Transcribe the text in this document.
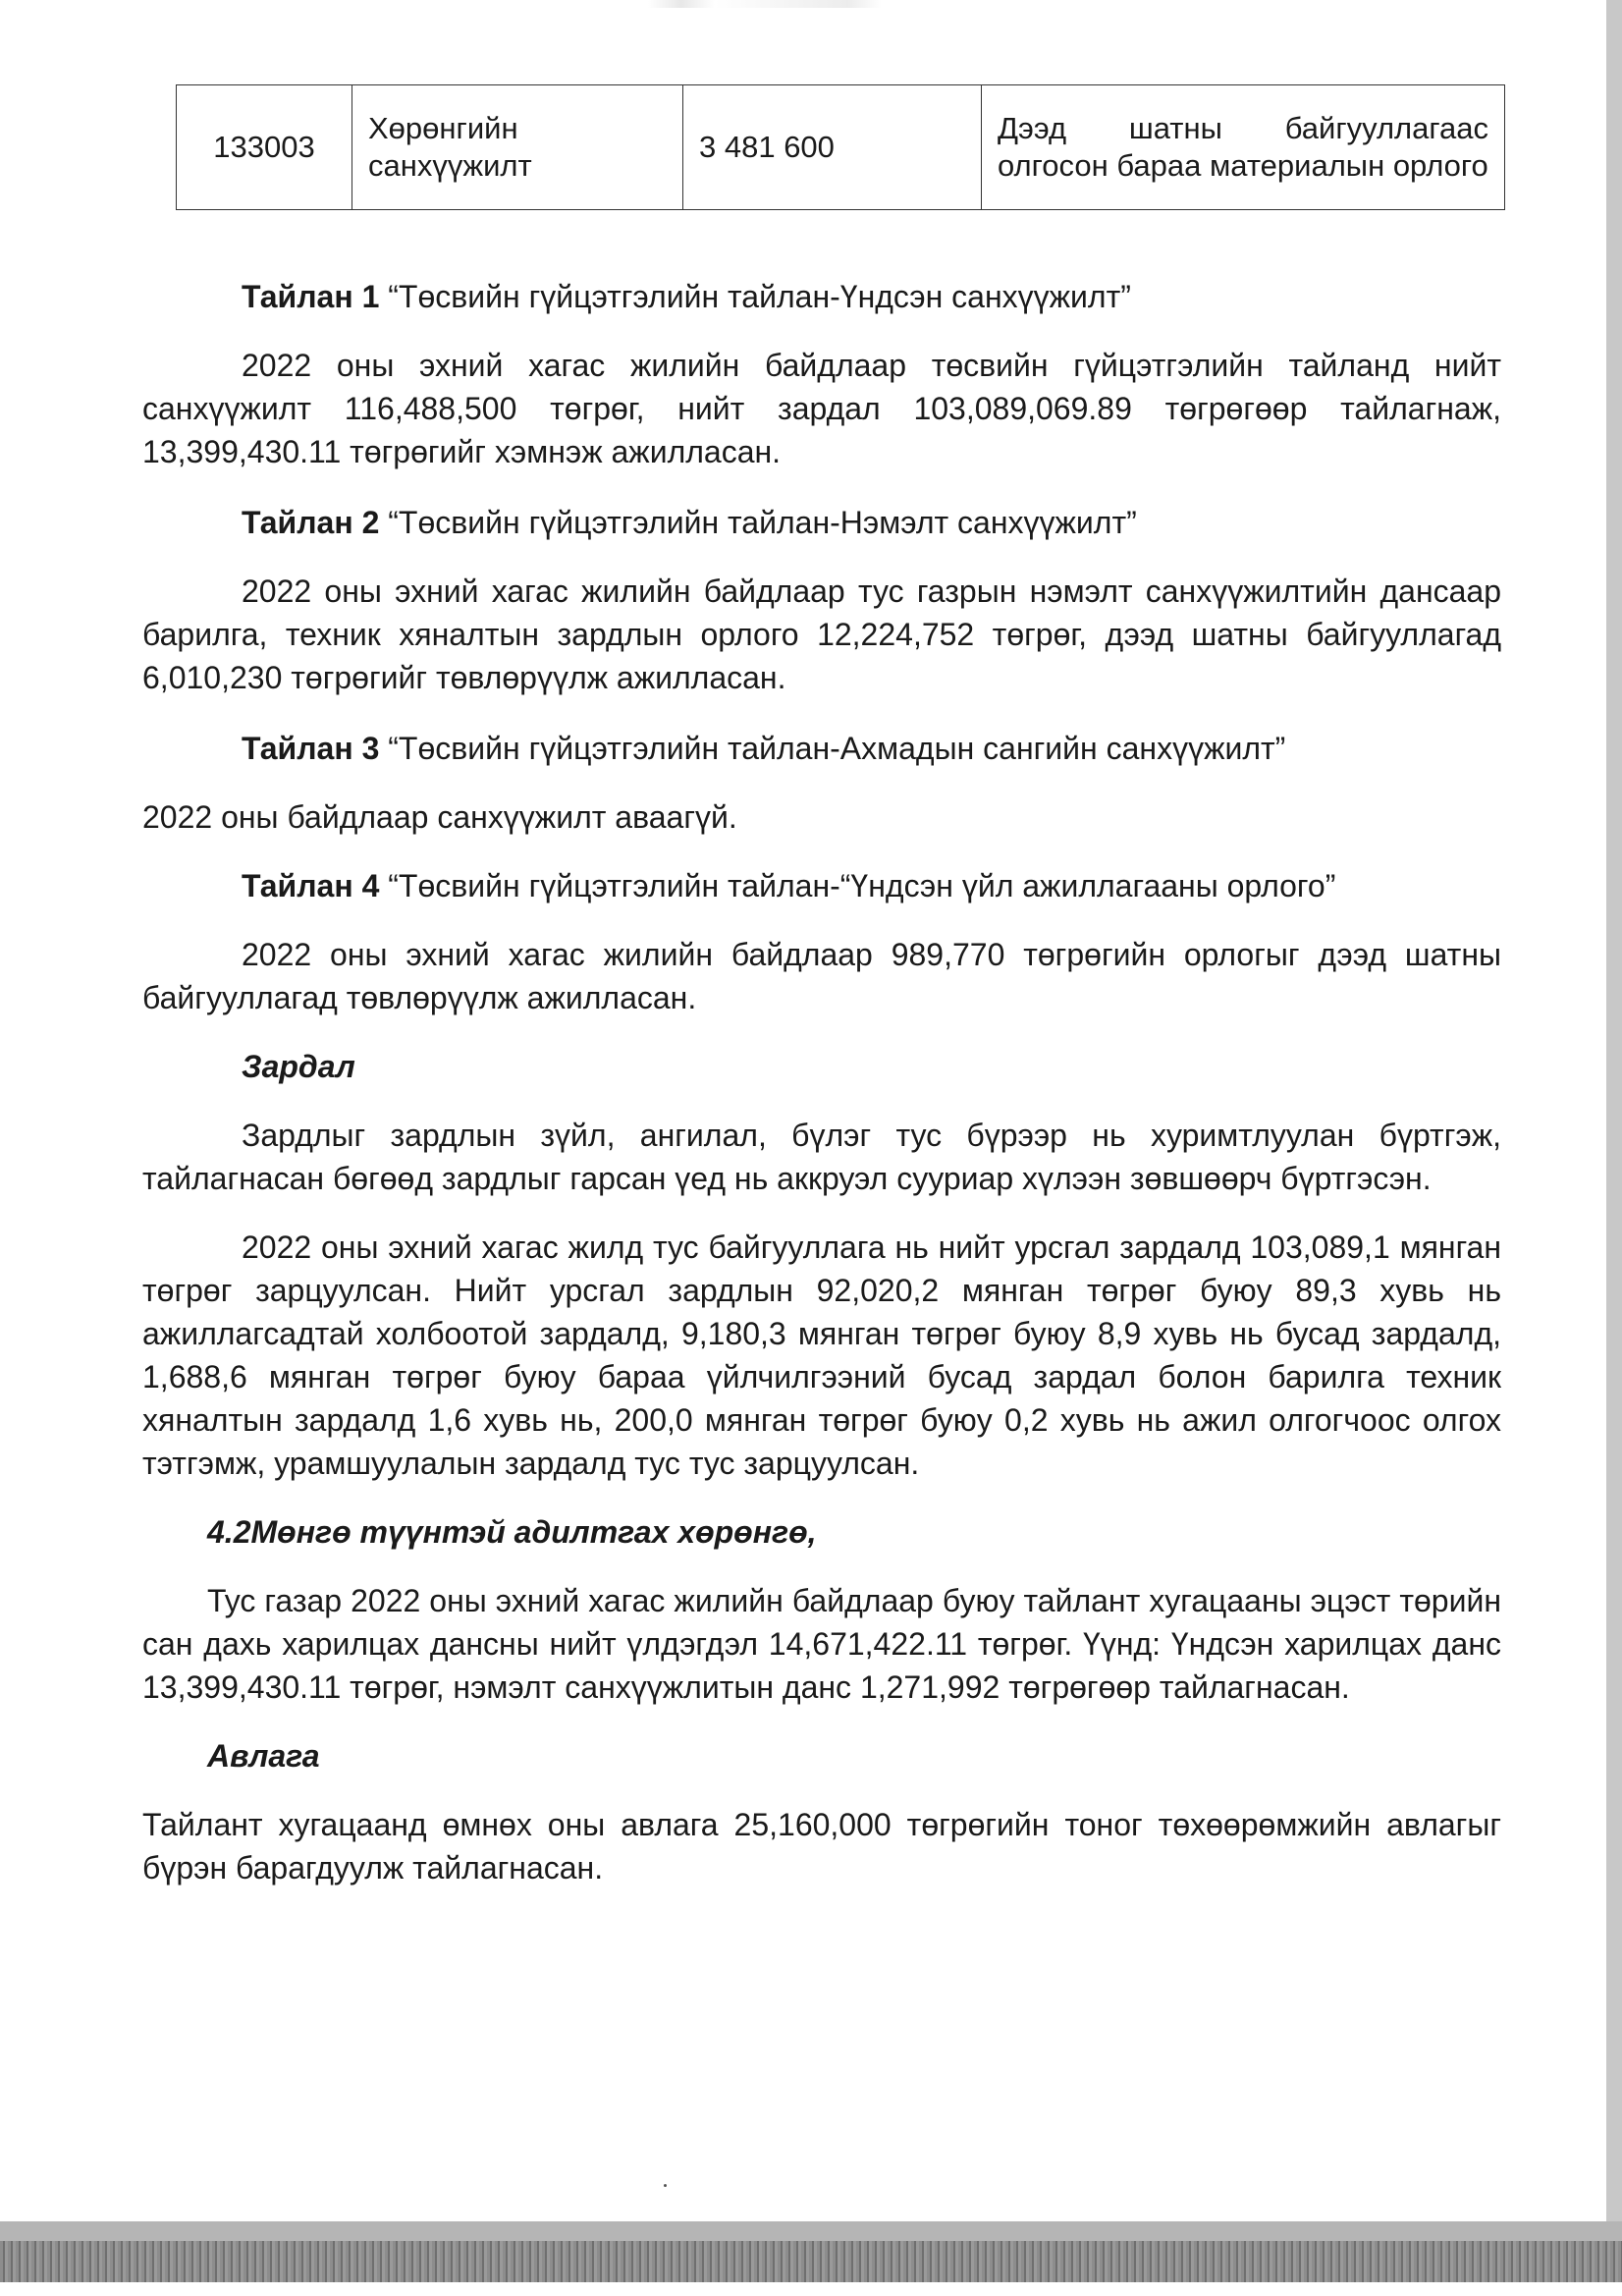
133003	Хөрөнгийн санхүүжилт	3 481 600	Дээд шатны байгууллагаас олгосон бараа материалын орлого

Тайлан 1 “Төсвийн гүйцэтгэлийн тайлан-Үндсэн санхүүжилт”

2022 оны эхний хагас жилийн байдлаар төсвийн гүйцэтгэлийн тайланд нийт санхүүжилт 116,488,500 төгрөг, нийт зардал 103,089,069.89 төгрөгөөр тайлагнаж, 13,399,430.11 төгрөгийг хэмнэж ажилласан.

Тайлан 2 “Төсвийн гүйцэтгэлийн тайлан-Нэмэлт санхүүжилт”

2022 оны эхний хагас жилийн байдлаар тус газрын нэмэлт санхүүжилтийн дансаар барилга, техник хяналтын зардлын орлого 12,224,752 төгрөг, дээд шатны байгууллагад 6,010,230 төгрөгийг төвлөрүүлж ажилласан.

Тайлан 3 “Төсвийн гүйцэтгэлийн тайлан-Ахмадын сангийн санхүүжилт”

2022 оны байдлаар санхүүжилт аваагүй.

Тайлан 4 “Төсвийн гүйцэтгэлийн тайлан-“Үндсэн үйл ажиллагааны орлого”

2022 оны эхний хагас жилийн байдлаар 989,770 төгрөгийн орлогыг дээд шатны байгууллагад төвлөрүүлж ажилласан.

Зардал

Зардлыг зардлын зүйл, ангилал, бүлэг тус бүрээр нь хуримтлуулан бүртгэж, тайлагнасан бөгөөд зардлыг гарсан үед нь аккруэл сууриар хүлээн зөвшөөрч бүртгэсэн.

2022 оны эхний хагас жилд тус байгууллага нь нийт урсгал зардалд 103,089,1 мянган төгрөг зарцуулсан. Нийт урсгал зардлын 92,020,2 мянган төгрөг буюу 89,3 хувь нь ажиллагсадтай холбоотой зардалд, 9,180,3 мянган төгрөг буюу 8,9 хувь нь бусад зардалд, 1,688,6 мянган төгрөг буюу бараа үйлчилгээний бусад зардал болон барилга техник хяналтын зардалд 1,6 хувь нь, 200,0 мянган төгрөг буюу 0,2 хувь нь ажил олгогчоос олгох тэтгэмж, урамшуулалын зардалд тус тус зарцуулсан.

4.2Мөнгө түүнтэй адилтгах хөрөнгө,

Тус газар 2022 оны эхний хагас жилийн байдлаар буюу тайлант хугацааны эцэст төрийн сан дахь харилцах дансны нийт үлдэгдэл 14,671,422.11 төгрөг. Үүнд: Үндсэн харилцах данс 13,399,430.11 төгрөг, нэмэлт санхүүжлитын данс 1,271,992 төгрөгөөр тайлагнасан.

Авлага

Тайлант хугацаанд өмнөх оны авлага 25,160,000 төгрөгийн тоног төхөөрөмжийн авлагыг бүрэн барагдуулж тайлагнасан.
